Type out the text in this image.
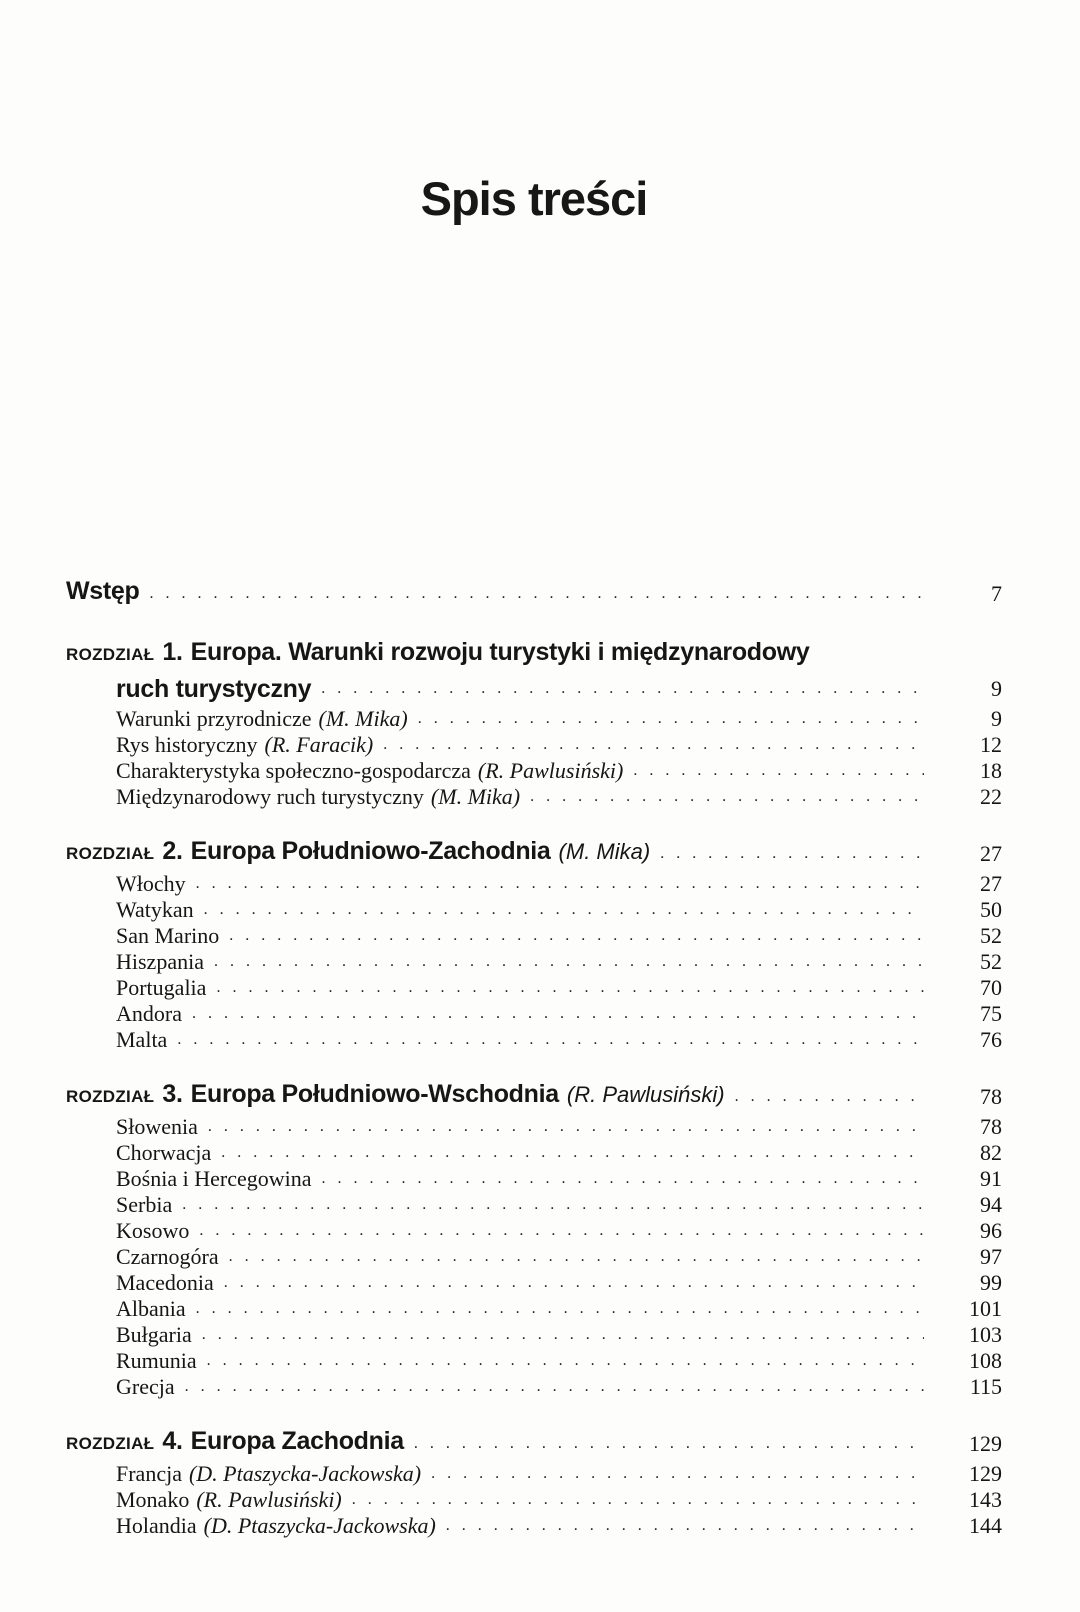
Spis treści
Wstęp . . .	7
ROZDZIAŁ 1. Europa. Warunki rozwoju turystyki i międzynarodowy
ruch turystyczny . . .	9
Warunki przyrodnicze (M. Mika) . . .	9
Rys historyczny (R. Faracik) . . .	12
Charakterystyka społeczno-gospodarcza (R. Pawlusiński) . . .	18
Międzynarodowy ruch turystyczny (M. Mika) . . .	22
ROZDZIAŁ 2. Europa Południowo-Zachodnia (M. Mika) . . .	27
Włochy . . .	27
Watykan . . .	50
San Marino . . .	52
Hiszpania . . .	52
Portugalia . . .	70
Andora . . .	75
Malta . . .	76
ROZDZIAŁ 3. Europa Południowo-Wschodnia (R. Pawlusiński) . . .	78
Słowenia . . .	78
Chorwacja . . .	82
Bośnia i Hercegowina . . .	91
Serbia . . .	94
Kosowo . . .	96
Czarnogóra . . .	97
Macedonia . . .	99
Albania . . .	101
Bułgaria . . .	103
Rumunia . . .	108
Grecja . . .	115
ROZDZIAŁ 4. Europa Zachodnia . . .	129
Francja (D. Ptaszycka-Jackowska) . . .	129
Monako (R. Pawlusiński) . . .	143
Holandia (D. Ptaszycka-Jackowska) . . .	144
